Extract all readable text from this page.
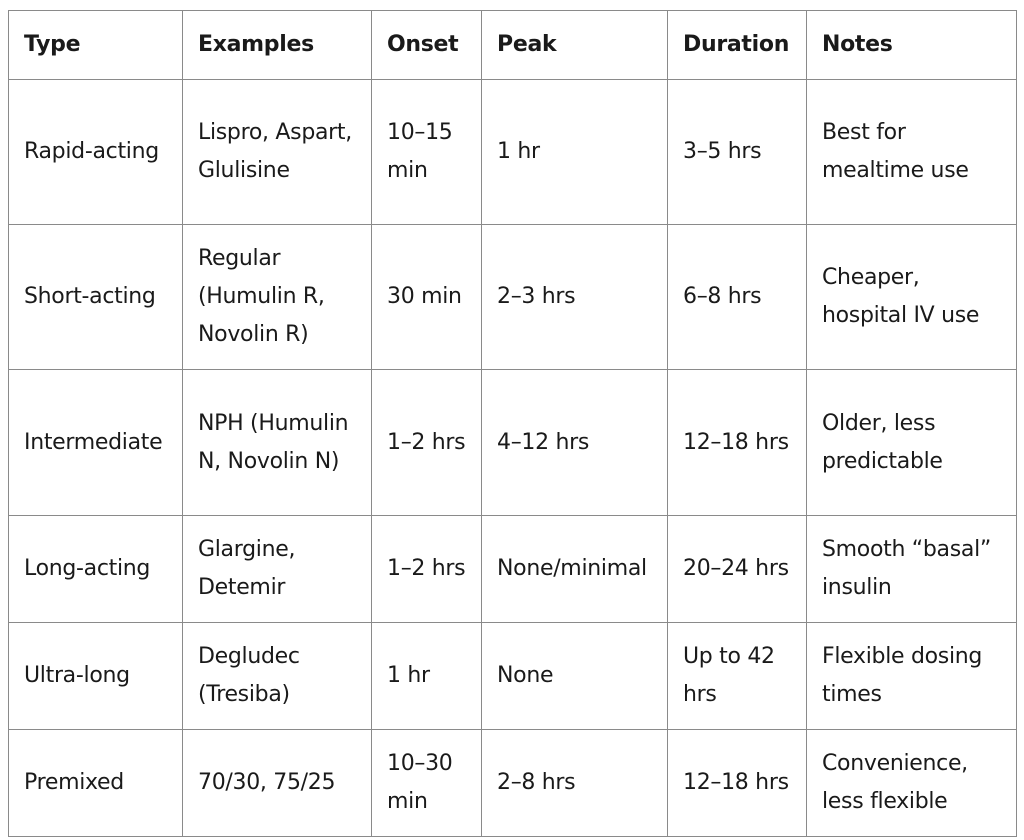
Type	Examples	Onset	Peak	Duration	Notes
Rapid-acting	Lispro, Aspart, Glulisine	10–15 min	1 hr	3–5 hrs	Best for mealtime use
Short-acting	Regular (Humulin R, Novolin R)	30 min	2–3 hrs	6–8 hrs	Cheaper, hospital IV use
Intermediate	NPH (Humulin N, Novolin N)	1–2 hrs	4–12 hrs	12–18 hrs	Older, less predictable
Long-acting	Glargine, Detemir	1–2 hrs	None/minimal	20–24 hrs	Smooth “basal” insulin
Ultra-long	Degludec (Tresiba)	1 hr	None	Up to 42 hrs	Flexible dosing times
Premixed	70/30, 75/25	10–30 min	2–8 hrs	12–18 hrs	Convenience, less flexible
